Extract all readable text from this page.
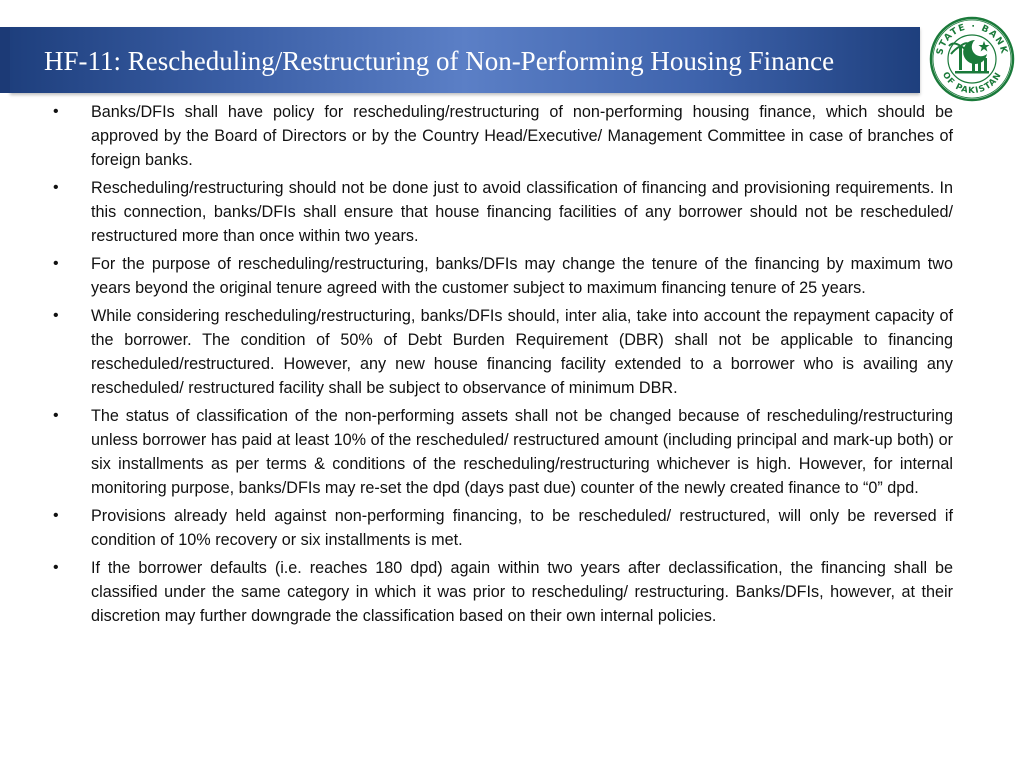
HF-11: Rescheduling/Restructuring of Non-Performing Housing Finance	STATE · BANK
OF PAKISTAN
•	Banks/DFIs shall have policy for rescheduling/restructuring of non-performing housing finance, which should be approved by the Board of Directors or by the Country Head/Executive/ Management Committee in case of branches of foreign banks.
•	Rescheduling/restructuring should not be done just to avoid classification of financing and provisioning requirements. In this connection, banks/DFIs shall ensure that house financing facilities of any borrower should not be rescheduled/ restructured more than once within two years.
•	For the purpose of rescheduling/restructuring, banks/DFIs may change the tenure of the financing by maximum two years beyond the original tenure agreed with the customer subject to maximum financing tenure of 25 years.
•	While considering rescheduling/restructuring, banks/DFIs should, inter alia, take into account the repayment capacity of the borrower. The condition of 50% of Debt Burden Requirement (DBR) shall not be applicable to financing rescheduled/restructured. However, any new house financing facility extended to a borrower who is availing any rescheduled/ restructured facility shall be subject to observance of minimum DBR.
•	The status of classification of the non-performing assets shall not be changed because of rescheduling/restructuring unless borrower has paid at least 10% of the rescheduled/ restructured amount (including principal and mark-up both) or six installments as per terms & conditions of the rescheduling/restructuring whichever is high. However, for internal monitoring purpose, banks/DFIs may re-set the dpd (days past due) counter of the newly created finance to “0” dpd.
•	Provisions already held against non-performing financing, to be rescheduled/ restructured, will only be reversed if condition of 10% recovery or six installments is met.
•	If the borrower defaults (i.e. reaches 180 dpd) again within two years after declassification, the financing shall be classified under the same category in which it was prior to rescheduling/ restructuring. Banks/DFIs, however, at their discretion may further downgrade the classification based on their own internal policies.
